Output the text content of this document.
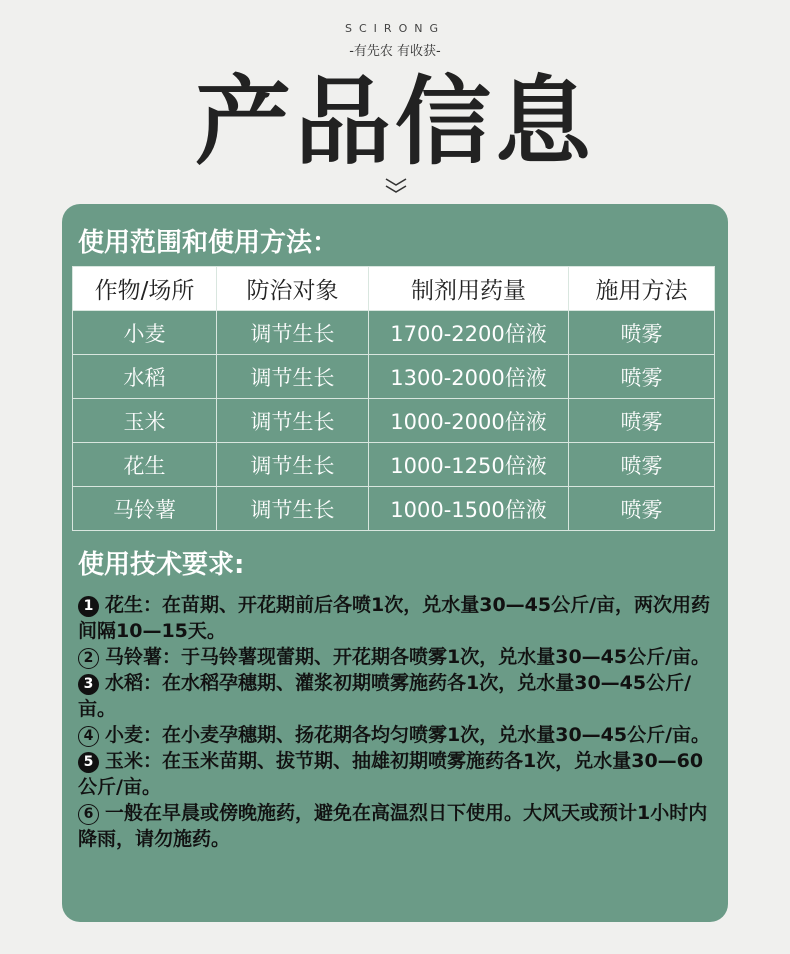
SCIRONG
-有先农 有收获-
产品信息
使用范围和使用方法：
作物/场所	防治对象	制剂用药量	施用方法
小麦	调节生长	1700-2200倍液	喷雾
水稻	调节生长	1300-2000倍液	喷雾
玉米	调节生长	1000-2000倍液	喷雾
花生	调节生长	1000-1250倍液	喷雾
马铃薯	调节生长	1000-1500倍液	喷雾
使用技术要求:
1 花生：在苗期、开花期前后各喷1次，兑水量30—45公斤/亩，两次用药间隔10—15天。
2 马铃薯：于马铃薯现蕾期、开花期各喷雾1次，兑水量30—45公斤/亩。
3 水稻：在水稻孕穗期、灌浆初期喷雾施药各1次，兑水量30—45公斤/亩。
4 小麦：在小麦孕穗期、扬花期各均匀喷雾1次，兑水量30—45公斤/亩。
5 玉米：在玉米苗期、拔节期、抽雄初期喷雾施药各1次，兑水量30—60公斤/亩。
6 一般在早晨或傍晚施药，避免在高温烈日下使用。大风天或预计1小时内降雨，请勿施药。
